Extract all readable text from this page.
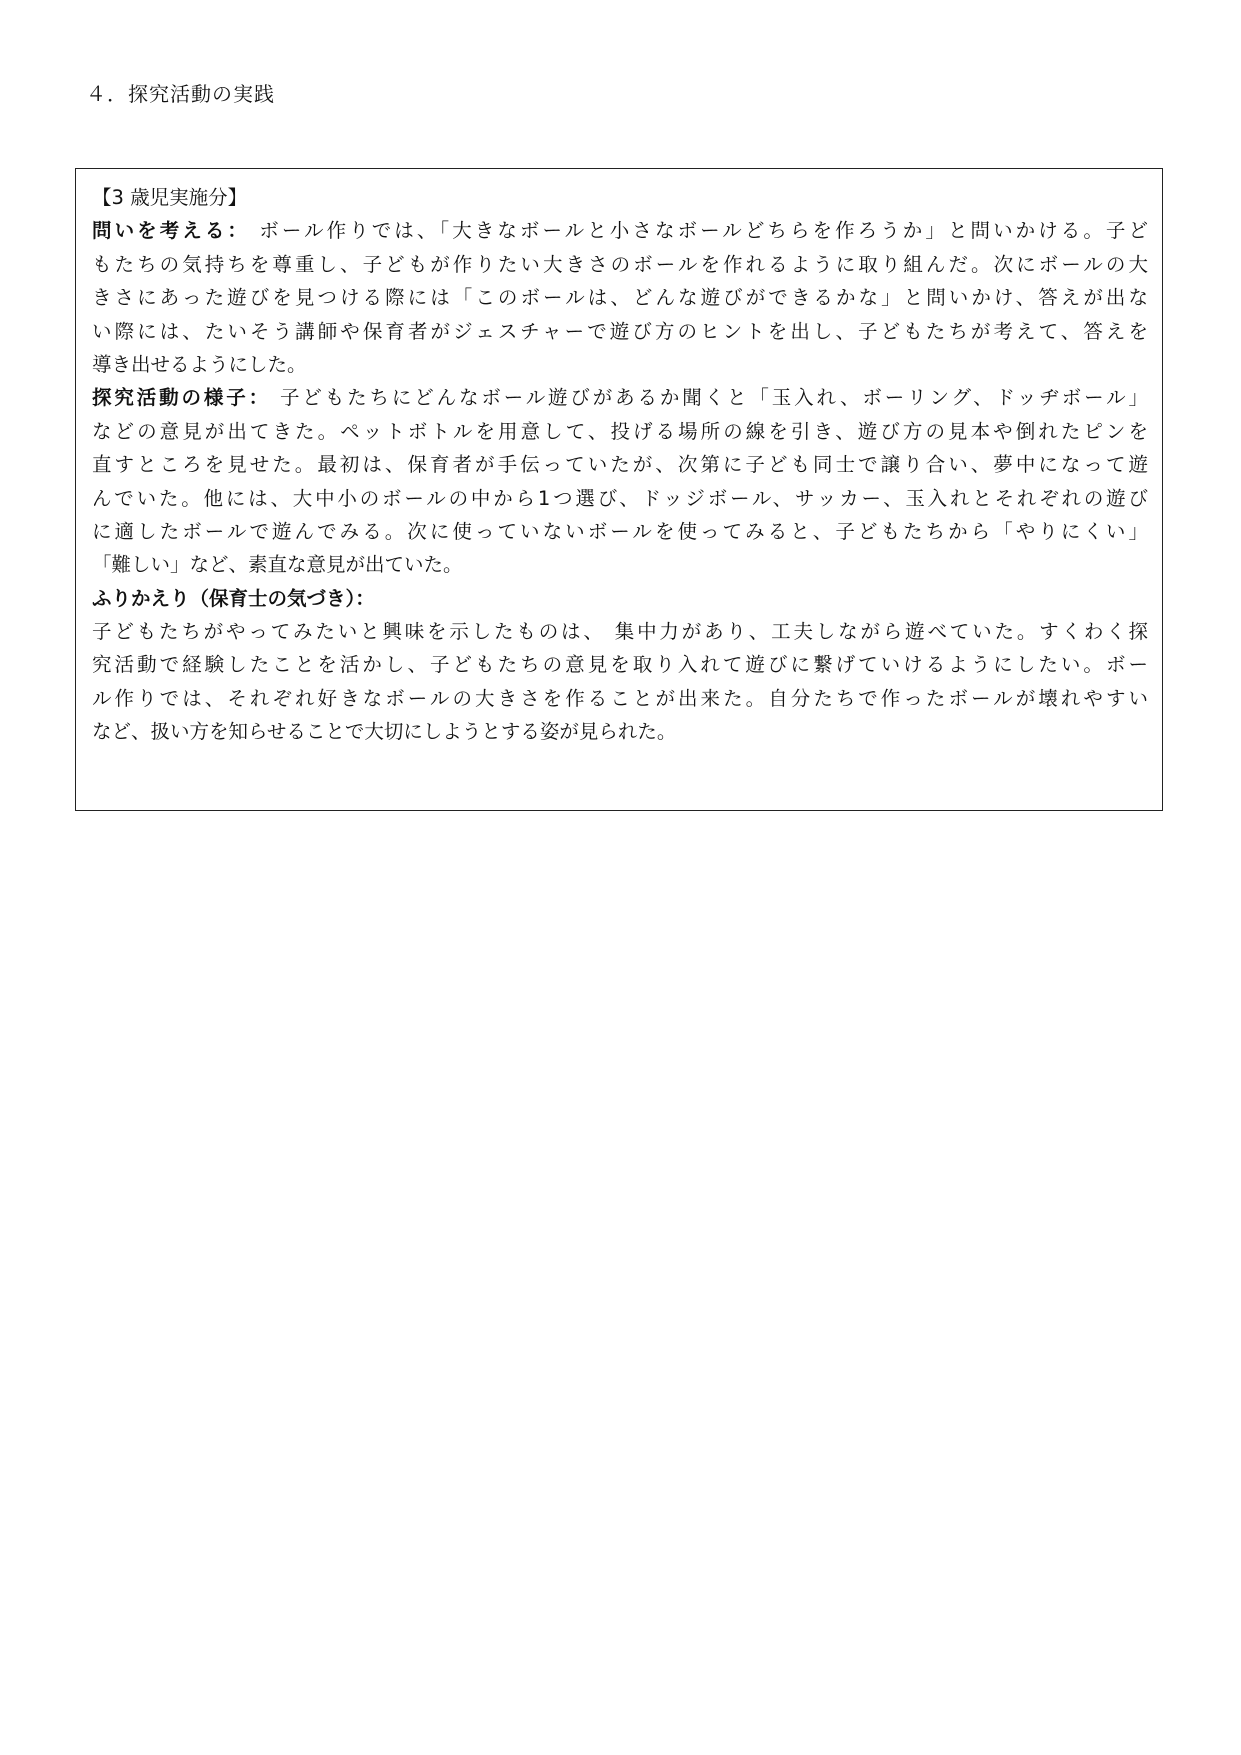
４．探究活動の実践
【3 歳児実施分】
問いを考える： ボール作りでは、「大きなボールと小さなボールどちらを作ろうか」と問いかける。子ど
もたちの気持ちを尊重し、子どもが作りたい大きさのボールを作れるように取り組んだ。次にボールの大
きさにあった遊びを見つける際には「このボールは、どんな遊びができるかな」と問いかけ、答えが出な
い際には、たいそう講師や保育者がジェスチャーで遊び方のヒントを出し、子どもたちが考えて、答えを
導き出せるようにした。
探究活動の様子： 子どもたちにどんなボール遊びがあるか聞くと「玉入れ、ボーリング、ドッヂボール」
などの意見が出てきた。ペットボトルを用意して、投げる場所の線を引き、遊び方の見本や倒れたピンを
直すところを見せた。最初は、保育者が手伝っていたが、次第に子ども同士で譲り合い、夢中になって遊
んでいた。他には、大中小のボールの中から1つ選び、ドッジボール、サッカー、玉入れとそれぞれの遊び
に適したボールで遊んでみる。次に使っていないボールを使ってみると、子どもたちから「やりにくい」
「難しい」など、素直な意見が出ていた。
ふりかえり（保育士の気づき）：
子どもたちがやってみたいと興味を示したものは、 集中力があり、工夫しながら遊べていた。すくわく探
究活動で経験したことを活かし、子どもたちの意見を取り入れて遊びに繋げていけるようにしたい。ボー
ル作りでは、それぞれ好きなボールの大きさを作ることが出来た。自分たちで作ったボールが壊れやすい
など、扱い方を知らせることで大切にしようとする姿が見られた。
